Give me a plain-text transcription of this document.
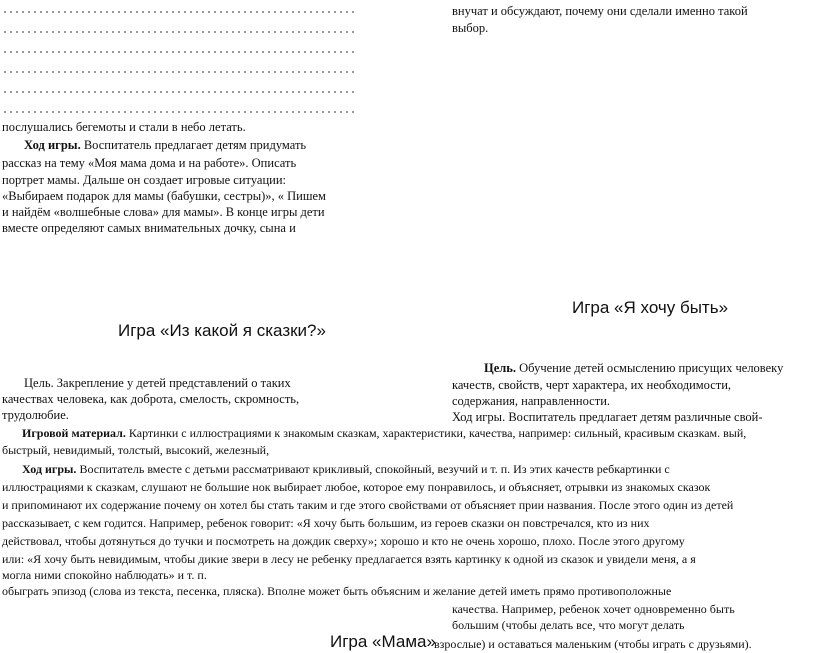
послушались бегемоты и стали в небо летать.
Ход игры. Воспитатель предлагает детям придумать
рассказ на тему «Моя мама дома и на работе». Описать
портрет мамы. Дальше он создает игровые ситуации:
«Выбираем подарок для мамы (бабушки, сестры)», « Пишем
и найдём «волшебные слова» для мамы». В конце игры дети
вместе определяют самых внимательных дочку, сына и
внучат и обсуждают, почему они сделали именно такой
выбор.
Игра «Я хочу быть»
Игра «Из какой я сказки?»
Цель. Закрепление у детей представлений о таких
качествах человека, как доброта, смелость, скромность,
трудолюбие.
Цель. Обучение детей осмыслению присущих человеку
качеств, свойств, черт характера, их необходимости,
содержания, направленности.
Ход игры. Воспитатель предлагает детям различные свой-
Игровой материал. Картинки с иллюстрациями к знакомым сказкам, характеристики, качества, например: сильный, красивым сказкам. вый,
быстрый, невидимый, толстый, высокий, железный,
Ход игры. Воспитатель вместе с детьми рассматривают крикливый, спокойный, везучий и т. п. Из этих качеств ребкартинки с
иллюстрациями к сказкам, слушают не большие нок выбирает любое, которое ему понравилось, и объясняет, отрывки из знакомых сказок
и припоминают их содержание почему он хотел бы стать таким и где этого свойствами от объясняет прии названия. После этого один из детей
рассказывает, с кем годится. Например, ребенок говорит: «Я хочу быть большим, из героев сказки он повстречался, кто из них
действовал, чтобы дотянуться до тучки и посмотреть на дождик сверху»; хорошо и кто не очень хорошо, плохо. После этого другому
или: «Я хочу быть невидимым, чтобы дикие звери в лесу не ребенку предлагается взять картинку к одной из сказок и увидели меня, а я
могла ними спокойно наблюдать» и т. п.
обыграть эпизод (слова из текста, песенка, пляска). Вполне может быть объясним и желание детей иметь прямо противоположные
качества. Например, ребенок хочет одновременно быть
большим (чтобы делать все, что могут делать
Игра «Мама»
взрослые) и оставаться маленьким (чтобы играть с друзьями).
